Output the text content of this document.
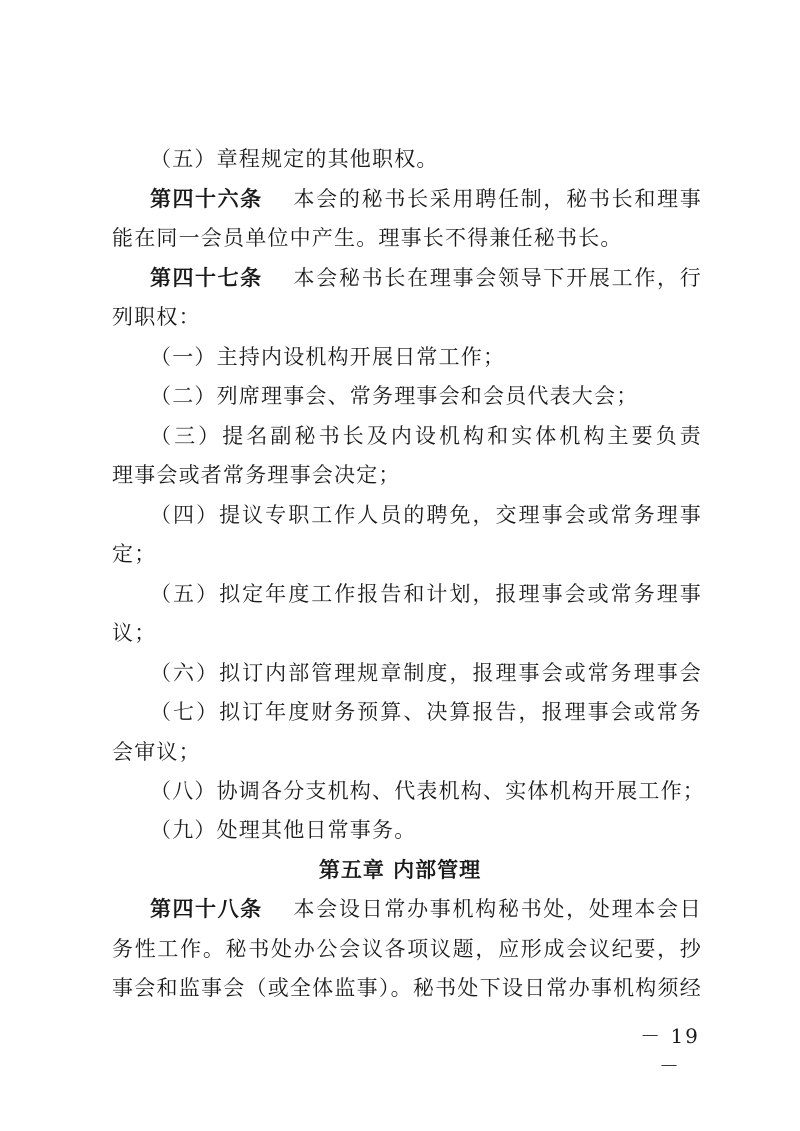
（五）章程规定的其他职权。
第四十六条 本会的秘书长采用聘任制，秘书长和理事
能在同一会员单位中产生。理事长不得兼任秘书长。
第四十七条 本会秘书长在理事会领导下开展工作，行
列职权：
（一）主持内设机构开展日常工作；
（二）列席理事会、常务理事会和会员代表大会；
（三）提名副秘书长及内设机构和实体机构主要负责
理事会或者常务理事会决定；
（四）提议专职工作人员的聘免，交理事会或常务理事
定；
（五）拟定年度工作报告和计划，报理事会或常务理事
议；
（六）拟订内部管理规章制度，报理事会或常务理事会
（七）拟订年度财务预算、决算报告，报理事会或常务
会审议；
（八）协调各分支机构、代表机构、实体机构开展工作；
（九）处理其他日常事务。
第五章 内部管理
第四十八条 本会设日常办事机构秘书处，处理本会日
务性工作。秘书处办公会议各项议题，应形成会议纪要，抄
事会和监事会（或全体监事）。秘书处下设日常办事机构须经
－ 19 －
